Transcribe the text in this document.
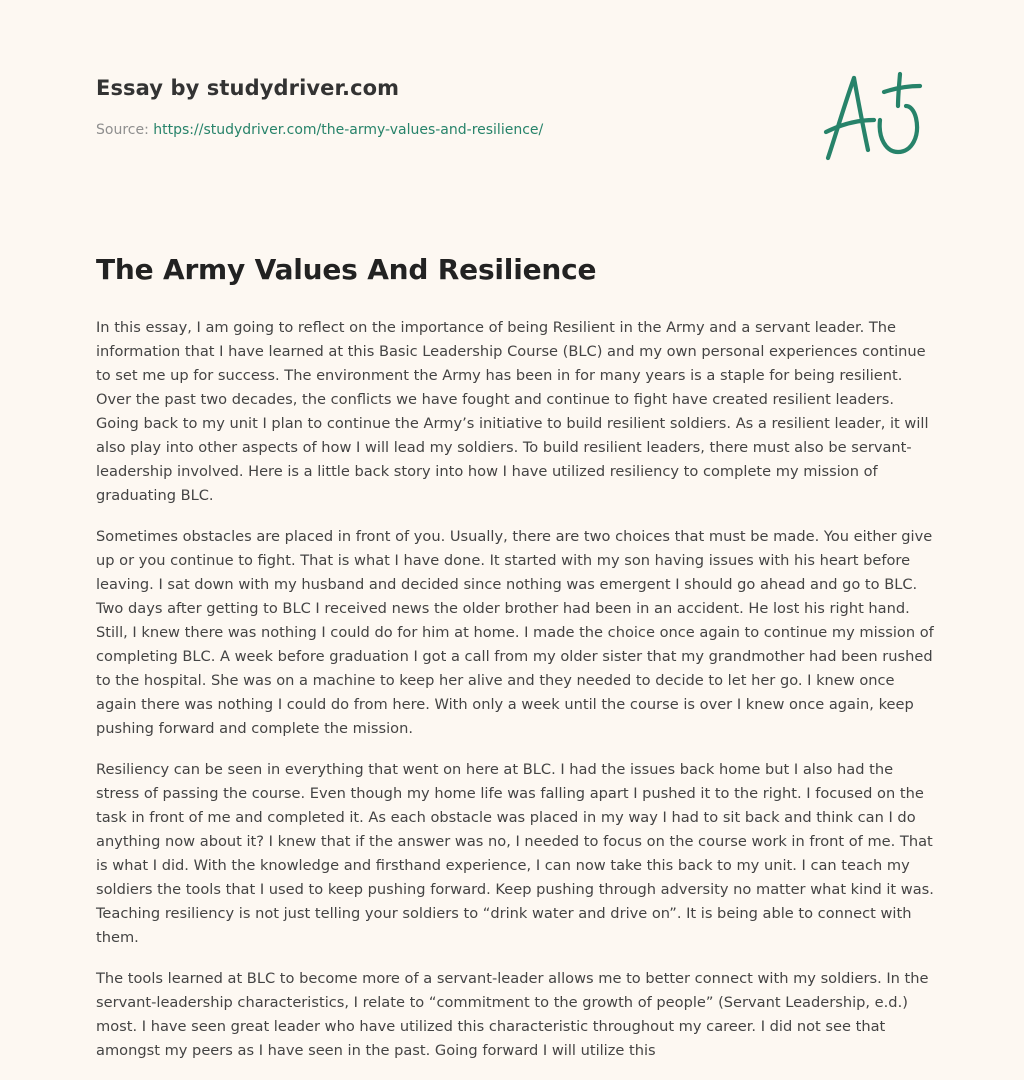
Essay by studydriver.com
Source: https://studydriver.com/the-army-values-and-resilience/
The Army Values And Resilience

In this essay, I am going to reflect on the importance of being Resilient in the Army and a servant leader. The information that I have learned at this Basic Leadership Course (BLC) and my own personal experiences continue to set me up for success. The environment the Army has been in for many years is a staple for being resilient. Over the past two decades, the conflicts we have fought and continue to fight have created resilient leaders. Going back to my unit I plan to continue the Army’s initiative to build resilient soldiers. As a resilient leader, it will also play into other aspects of how I will lead my soldiers. To build resilient leaders, there must also be servant-leadership involved. Here is a little back story into how I have utilized resiliency to complete my mission of graduating BLC.

Sometimes obstacles are placed in front of you. Usually, there are two choices that must be made. You either give up or you continue to fight. That is what I have done. It started with my son having issues with his heart before leaving. I sat down with my husband and decided since nothing was emergent I should go ahead and go to BLC. Two days after getting to BLC I received news the older brother had been in an accident. He lost his right hand. Still, I knew there was nothing I could do for him at home. I made the choice once again to continue my mission of completing BLC. A week before graduation I got a call from my older sister that my grandmother had been rushed to the hospital. She was on a machine to keep her alive and they needed to decide to let her go. I knew once again there was nothing I could do from here. With only a week until the course is over I knew once again, keep pushing forward and complete the mission.

Resiliency can be seen in everything that went on here at BLC. I had the issues back home but I also had the stress of passing the course. Even though my home life was falling apart I pushed it to the right. I focused on the task in front of me and completed it. As each obstacle was placed in my way I had to sit back and think can I do anything now about it? I knew that if the answer was no, I needed to focus on the course work in front of me. That is what I did. With the knowledge and firsthand experience, I can now take this back to my unit. I can teach my soldiers the tools that I used to keep pushing forward. Keep pushing through adversity no matter what kind it was. Teaching resiliency is not just telling your soldiers to “drink water and drive on”. It is being able to connect with them.

The tools learned at BLC to become more of a servant-leader allows me to better connect with my soldiers. In the servant-leadership characteristics, I relate to “commitment to the growth of people” (Servant Leadership, e.d.) most. I have seen great leader who have utilized this characteristic throughout my career. I did not see that amongst my peers as I have seen in the past. Going forward I will utilize this
